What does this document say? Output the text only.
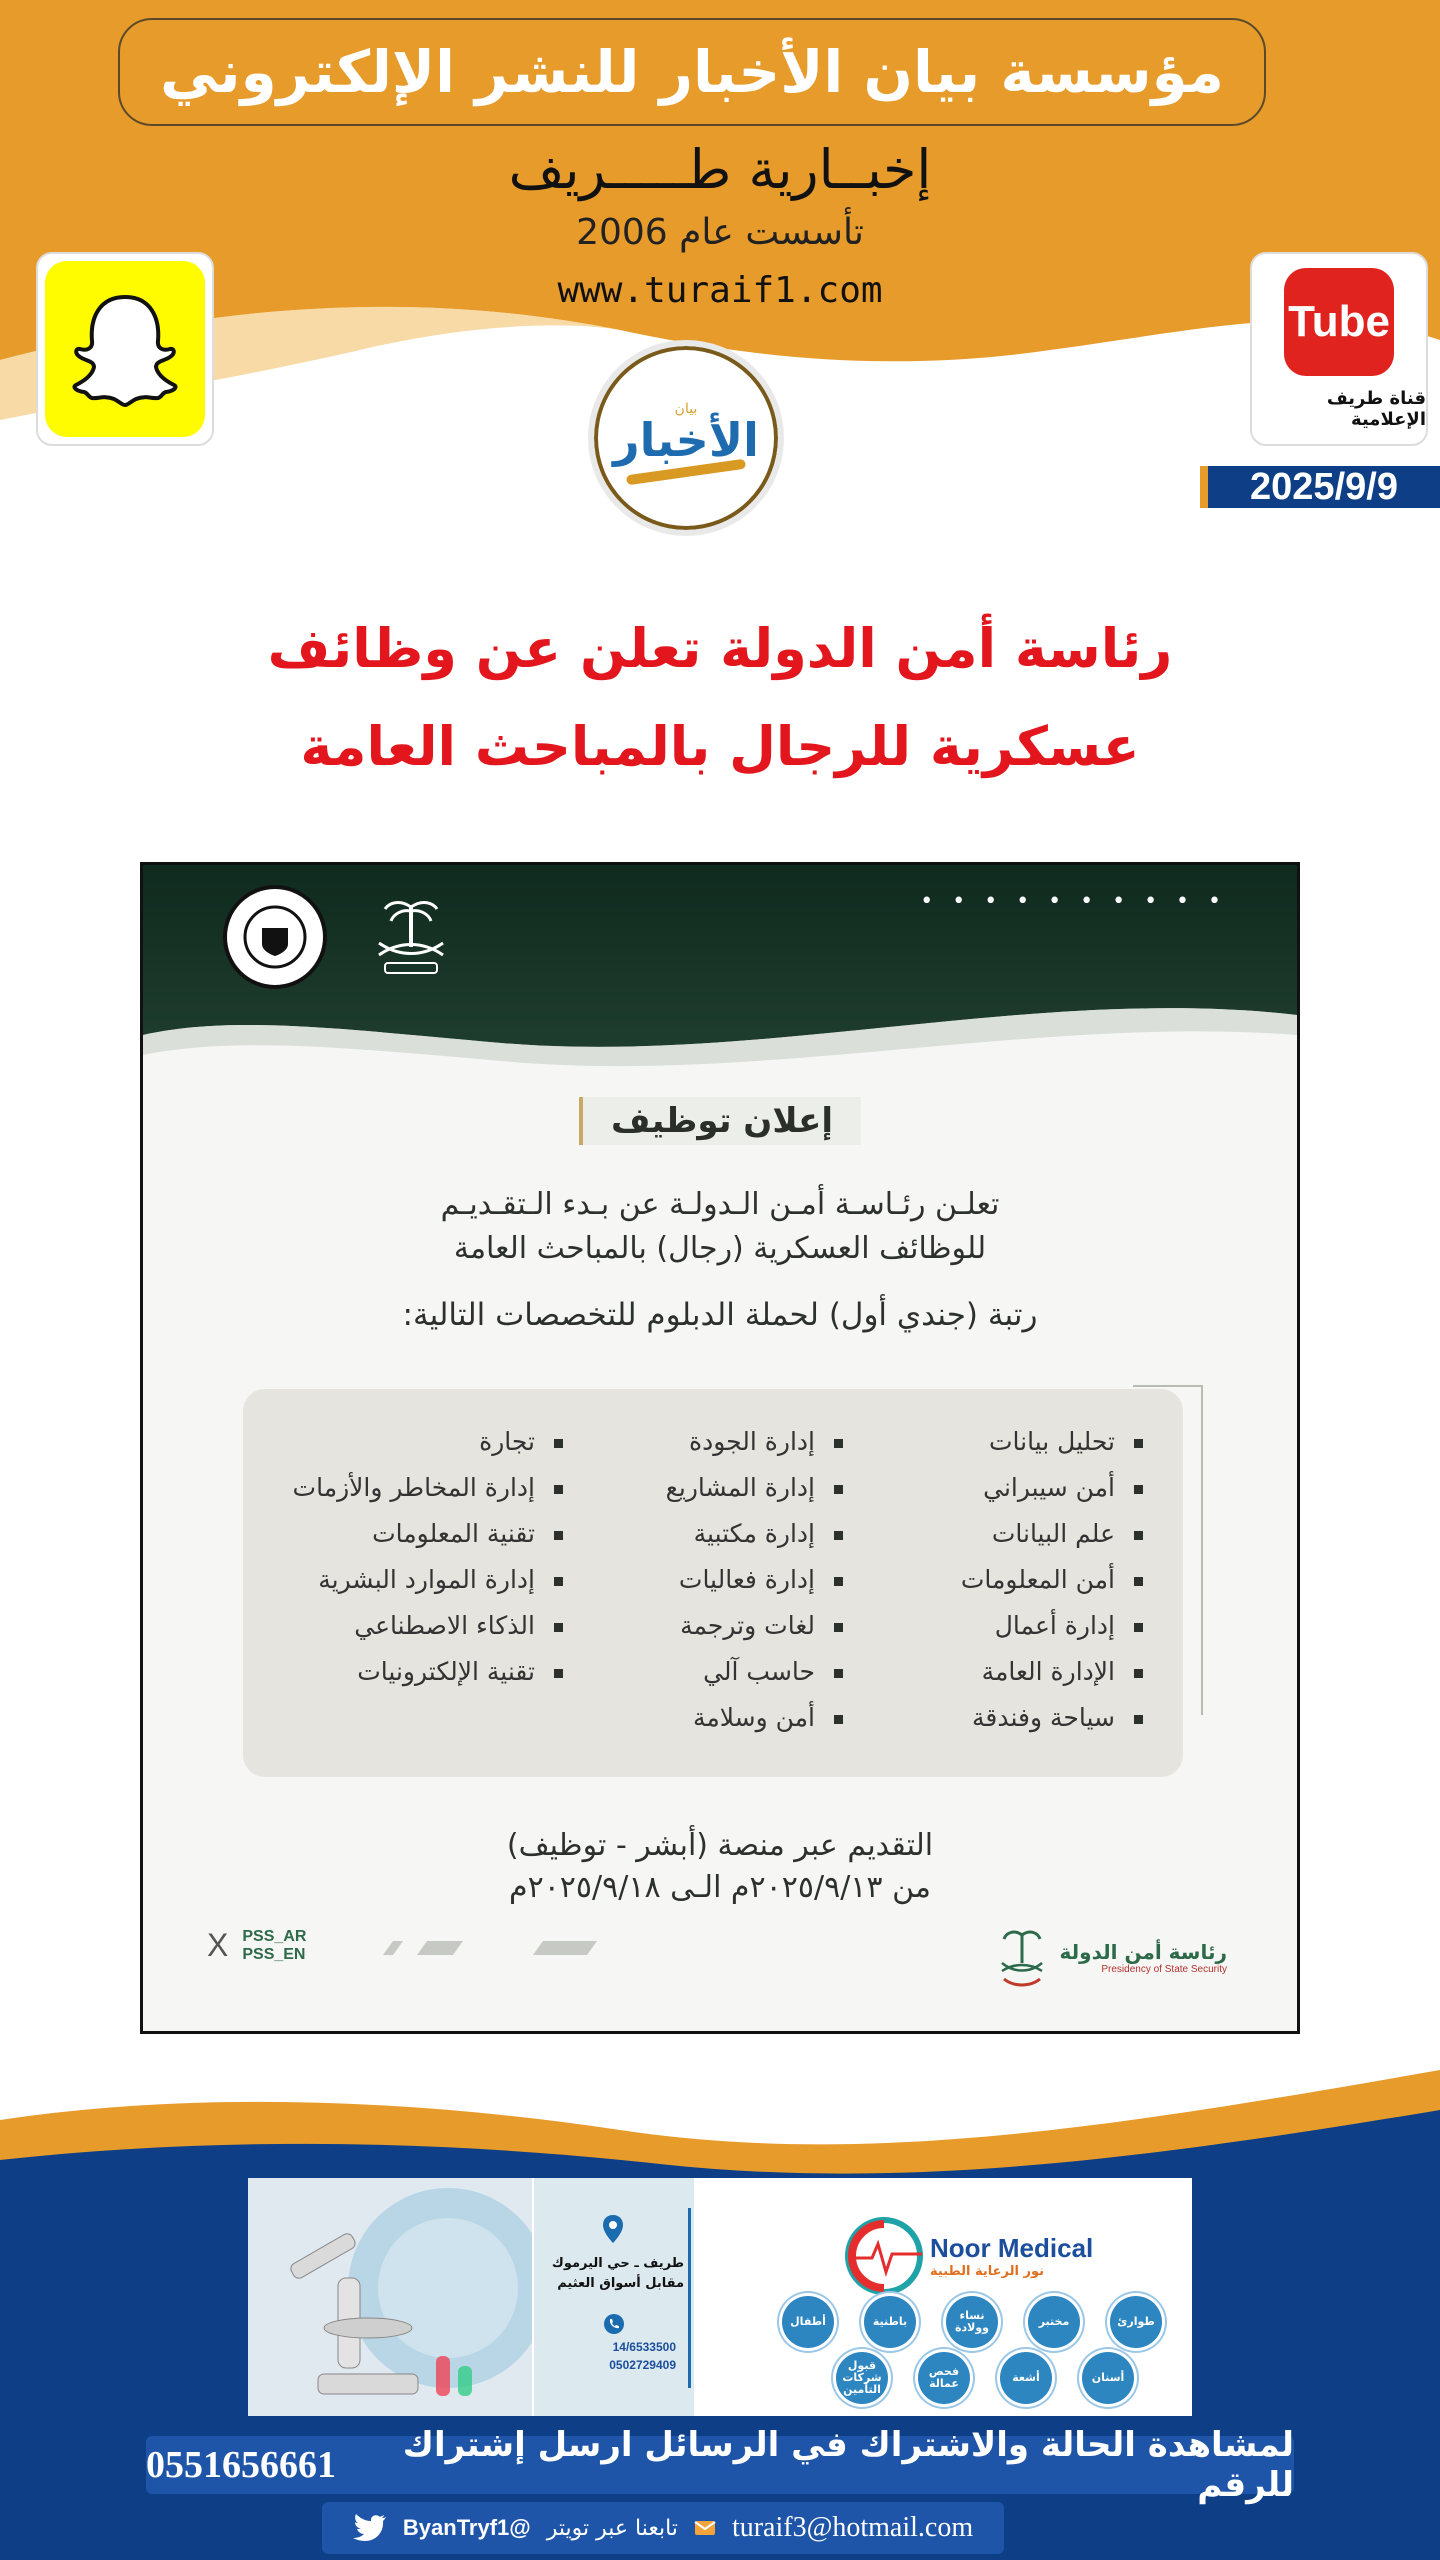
مؤسسة بيان الأخبار للنشر الإلكتروني
إخبــارية طـــــريف
تأسست عام 2006
www.turaif1.com
بيان
الأخبار
Tube
قناة طريف الإعلامية
2025/9/9
رئاسة أمن الدولة تعلن عن وظائف
عسكرية للرجال بالمباحث العامة
• • • • • • • • • •
إعلان توظيف
تعلـن رئـاسـة أمـن الـدولـة عن بـدء الـتقـديـم
للوظائف العسكرية (رجال) بالمباحث العامة
رتبة (جندي أول) لحملة الدبلوم للتخصصات التالية:
تحليل بيانات
أمن سيبراني
علم البيانات
أمن المعلومات
إدارة أعمال
الإدارة العامة
سياحة وفندقة
إدارة الجودة
إدارة المشاريع
إدارة مكتبية
إدارة فعاليات
لغات وترجمة
حاسب آلي
أمن وسلامة
تجارة
إدارة المخاطر والأزمات
تقنية المعلومات
إدارة الموارد البشرية
الذكاء الاصطناعي
تقنية الإلكترونيات
التقديم عبر منصة (أبشر - توظيف)
من ٢٠٢٥/٩/١٣م الـى ٢٠٢٥/٩/١٨م
رئاسة أمن الدولة
Presidency of State Security
X PSS_AR
PSS_EN
طريف ـ حي اليرموك
مقابل أسواق العثيم
14/6533500
0502729409
Noor Medical
نور الرعاية الطبية
طوارئ
مختبر
نساء وولادة
باطنية
أطفال
أسنان
أشعة
فحص عمالة
قبول شركات التأمين
لمشاهدة الحالة والاشتراك في الرسائل ارسل إشتراك للرقم
0551656661
turaif3@hotmail.com
تابعنا عبر تويتر
ByanTryf1@
